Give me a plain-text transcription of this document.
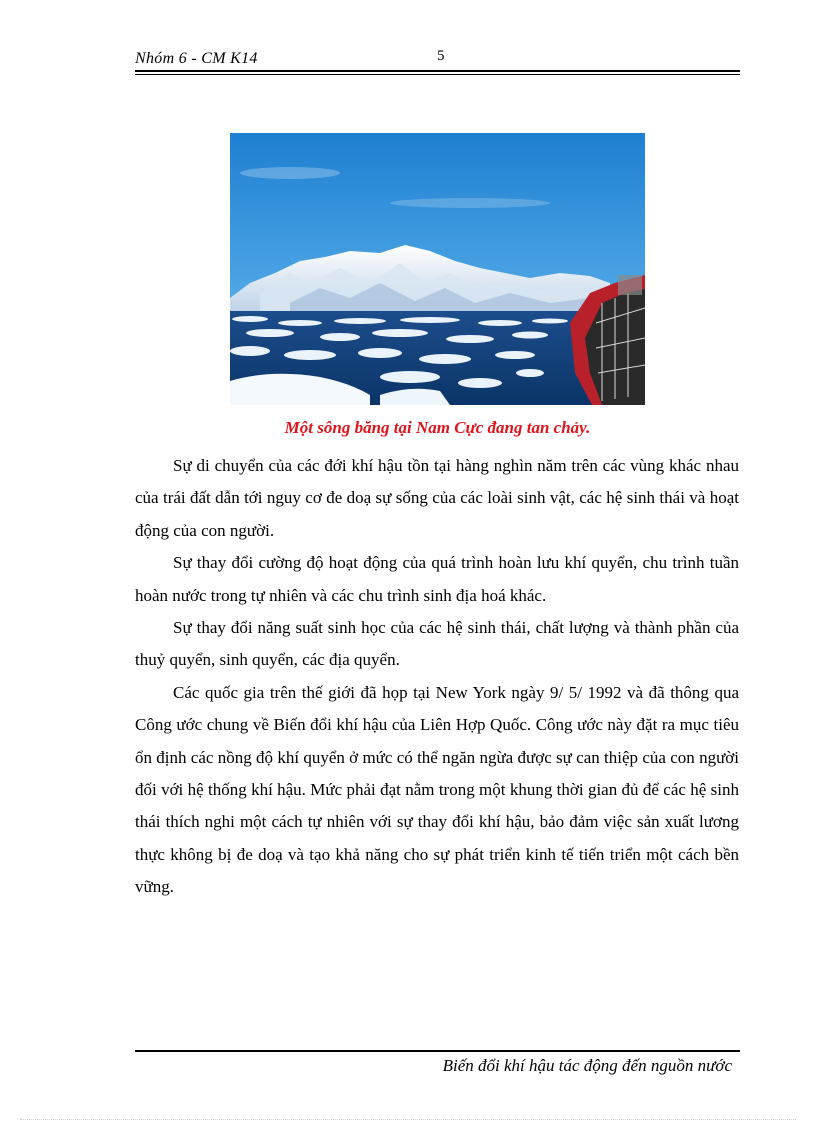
Nhóm 6 - CM K14	5
Một sông băng tại Nam Cực đang tan chảy.

Sự di chuyển của các đới khí hậu tồn tại hàng nghìn năm trên các vùng khác nhau của trái đất dẫn tới nguy cơ đe doạ sự sống của các loài sinh vật, các hệ sinh thái và hoạt động của con người.

Sự thay đổi cường độ hoạt động của quá trình hoàn lưu khí quyển, chu trình tuần hoàn nước trong tự nhiên và các chu trình sinh địa hoá khác.

Sự thay đổi năng suất sinh học của các hệ sinh thái, chất lượng và thành phần của thuỷ quyển, sinh quyển, các địa quyển.

Các quốc gia trên thế giới đã họp tại New York ngày 9/ 5/ 1992 và đã thông qua Công ước chung về Biến đổi khí hậu của Liên Hợp Quốc. Công ước này đặt ra mục tiêu ổn định các nồng độ khí quyển ở mức có thể ngăn ngừa được sự can thiệp của con người đối với hệ thống khí hậu. Mức phải đạt nằm trong một khung thời gian đủ để các hệ sinh thái thích nghi một cách tự nhiên với sự thay đổi khí hậu, bảo đảm việc sản xuất lương thực không bị đe doạ và tạo khả năng cho sự phát triển kinh tế tiến triển một cách bền vững.

Biến đổi khí hậu tác động đến nguồn nước
